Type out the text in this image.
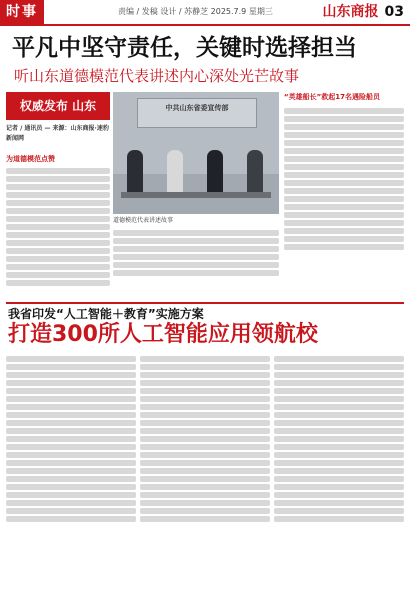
时事	责编 / 发稿 设计 / 苏静芝 2025.7.9 星期三	山东商报 03
平凡中坚守责任，关键时选择担当
听山东道德模范代表讲述内心深处光芒故事
权威发布 山东
记者 / 通讯员 — 来源：山东商报·速豹新闻网
为道德模范点赞
中共山东省委宣传部
道德模范代表讲述故事
“英雄船长”救起17名遇险船员
我省印发“人工智能＋教育”实施方案
打造300所人工智能应用领航校
